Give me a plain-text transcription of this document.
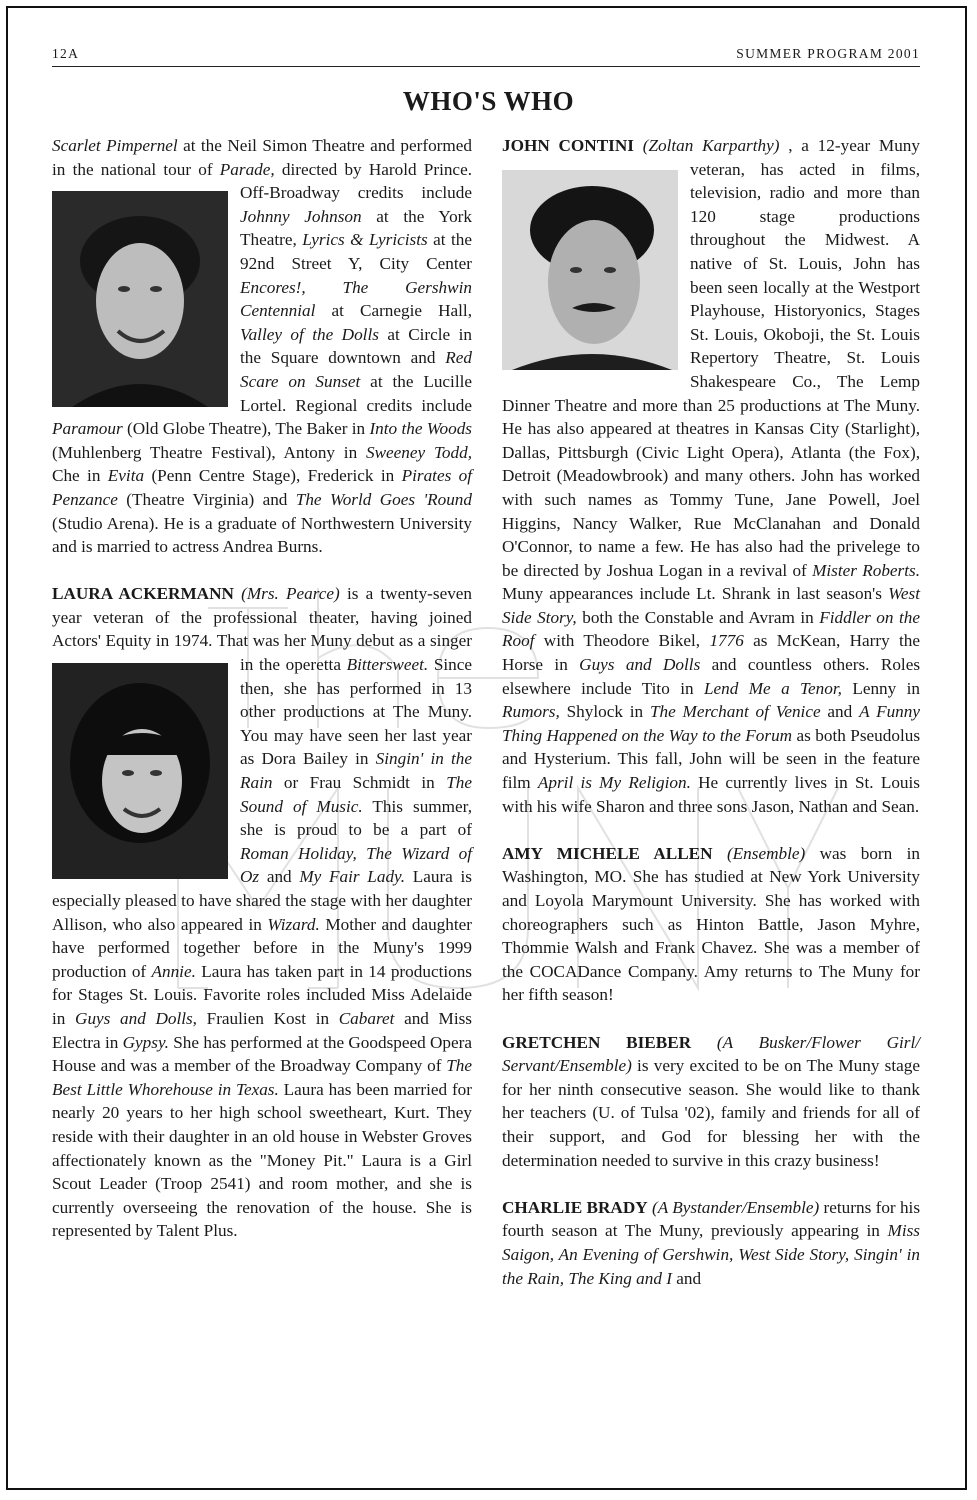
12A	SUMMER PROGRAM 2001
WHO'S WHO

Scarlet Pimpernel at the Neil Simon Theatre and performed in the national tour of Parade, directed by Harold Prince. Off-Broadway credits include
Johnny Johnson at the York Theatre, Lyrics & Lyricists at the 92nd Street Y, City Center Encores!, The Gershwin Centennial at Carnegie Hall, Valley of the Dolls at Circle in the Square downtown and Red Scare on Sunset at the Lucille Lortel. Regional credits include Paramour (Old Globe Theatre), The Baker in Into the Woods (Muhlenberg Theatre Festival), Antony in Sweeney Todd, Che in Evita (Penn Centre Stage), Frederick in Pirates of Penzance (Theatre Virginia) and The World Goes 'Round (Studio Arena). He is a graduate of Northwestern University and is married to actress Andrea Burns.

LAURA ACKERMANN (Mrs. Pearce) is a twenty-seven year veteran of the professional theater, having joined Actors' Equity in 1974. That was her Muny debut as a singer in the operetta
Bittersweet. Since then, she has performed in 13 other productions at The Muny. You may have seen her last year as Dora Bailey in Singin' in the Rain or Frau Schmidt in The Sound of Music. This summer, she is proud to be a part of Roman Holiday, The Wizard of Oz and My Fair Lady. Laura is especially pleased to have shared the stage with her daughter Allison, who also appeared in Wizard. Mother and daughter have performed together before in the Muny's 1999 production of Annie. Laura has taken part in 14 productions for Stages St. Louis. Favorite roles included Miss Adelaide in Guys and Dolls, Fraulien Kost in Cabaret and Miss Electra in Gypsy. She has performed at the Goodspeed Opera House and was a member of the Broadway Company of The Best Little Whorehouse in Texas. Laura has been married for nearly 20 years to her high school sweetheart, Kurt. They reside with their daughter in an old house in Webster Groves affectionately known as the "Money Pit." Laura is a Girl Scout Leader (Troop 2541) and room mother, and she is currently overseeing the renovation of the house. She is represented by Talent Plus.

JOHN CONTINI (Zoltan Karparthy) , a 12-year Muny veteran, has acted in films, television, radio and more than 120 stage productions throughout the Midwest. A native of St. Louis, John has been seen locally at the Westport Playhouse, Historyonics, Stages St. Louis, Okoboji, the St. Louis Repertory Theatre, St. Louis Shakespeare Co., The Lemp Dinner Theatre and more than 25 productions at The Muny. He has also appeared at theatres in Kansas City (Starlight), Dallas, Pittsburgh (Civic Light Opera), Atlanta (the Fox), Detroit (Meadowbrook) and many others. John has worked with such names as Tommy Tune, Jane Powell, Joel Higgins, Nancy Walker, Rue McClanahan and Donald O'Connor, to name a few. He has also had the privelege to be directed by Joshua Logan in a revival of Mister Roberts. Muny appearances include Lt. Shrank in last season's West Side Story, both the Constable and Avram in Fiddler on the Roof with Theodore Bikel, 1776 as McKean, Harry the Horse in Guys and Dolls and countless others. Roles elsewhere include Tito in Lend Me a Tenor, Lenny in Rumors, Shylock in The Merchant of Venice and A Funny Thing Happened on the Way to the Forum as both Pseudolus and Hysterium. This fall, John will be seen in the feature film April is My Religion. He currently lives in St. Louis with his wife Sharon and three sons Jason, Nathan and Sean.

AMY MICHELE ALLEN (Ensemble) was born in Washington, MO. She has studied at New York University and Loyola Marymount University. She has worked with choreographers such as Hinton Battle, Jason Myhre, Thommie Walsh and Frank Chavez. She was a member of the COCADance Company. Amy returns to The Muny for her fifth season!

GRETCHEN BIEBER (A Busker/Flower Girl/ Servant/Ensemble) is very excited to be on The Muny stage for her ninth consecutive season. She would like to thank her teachers (U. of Tulsa '02), family and friends for all of their support, and God for blessing her with the determination needed to survive in this crazy business!

CHARLIE BRADY (A Bystander/Ensemble) returns for his fourth season at The Muny, previously appearing in Miss Saigon, An Evening of Gershwin, West Side Story, Singin' in the Rain, The King and I and
